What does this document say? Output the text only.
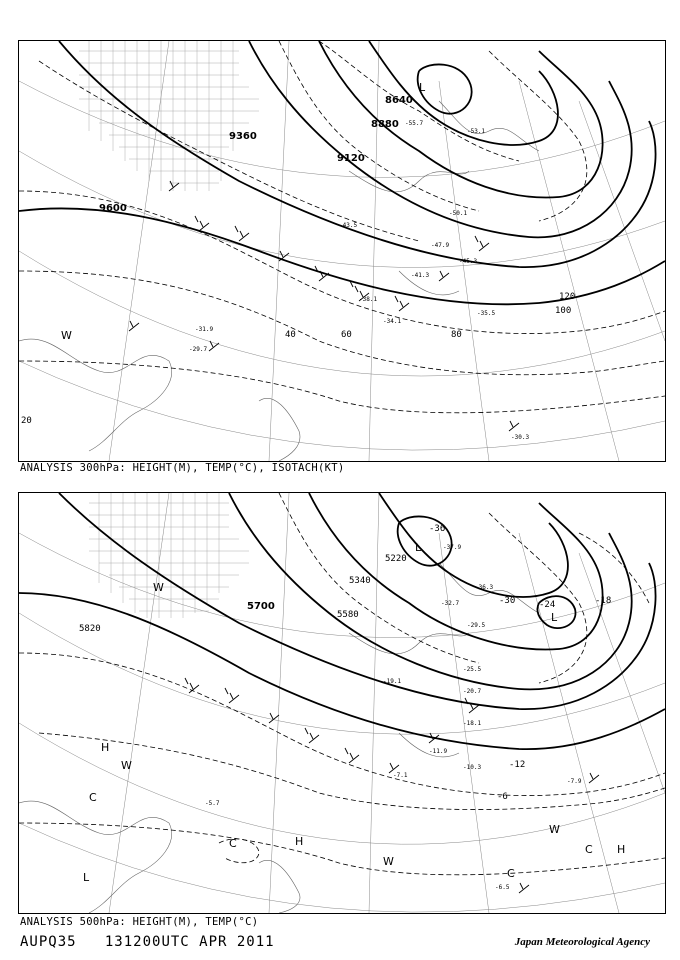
9600
9360
9120
8880
8640
20
40	60	80
100
120
-29.7
-30.3
-31.9
-34.1
-35.5
-38.1
-41.3
-43.5
-45.3
-47.9
-50.1
-53.1
-55.7
L
W
ANALYSIS 300hPa: HEIGHT(M), TEMP(°C), ISOTACH(KT)
5820
5700
5580
5340
5220
-6
-12
-18
-24
-30
-36
-7.9
-10.3
-11.9
-18.1
-20.7
-25.5
-29.5
-32.7
-36.3
-37.9
-5.7
-6.5
-7.1
-19.1
L
L
L
H
H
H
W
W
W
W
C
C
C
C
ANALYSIS 500hPa: HEIGHT(M), TEMP(°C)
AUPQ35 131200UTC APR 2011	Japan Meteorological Agency
